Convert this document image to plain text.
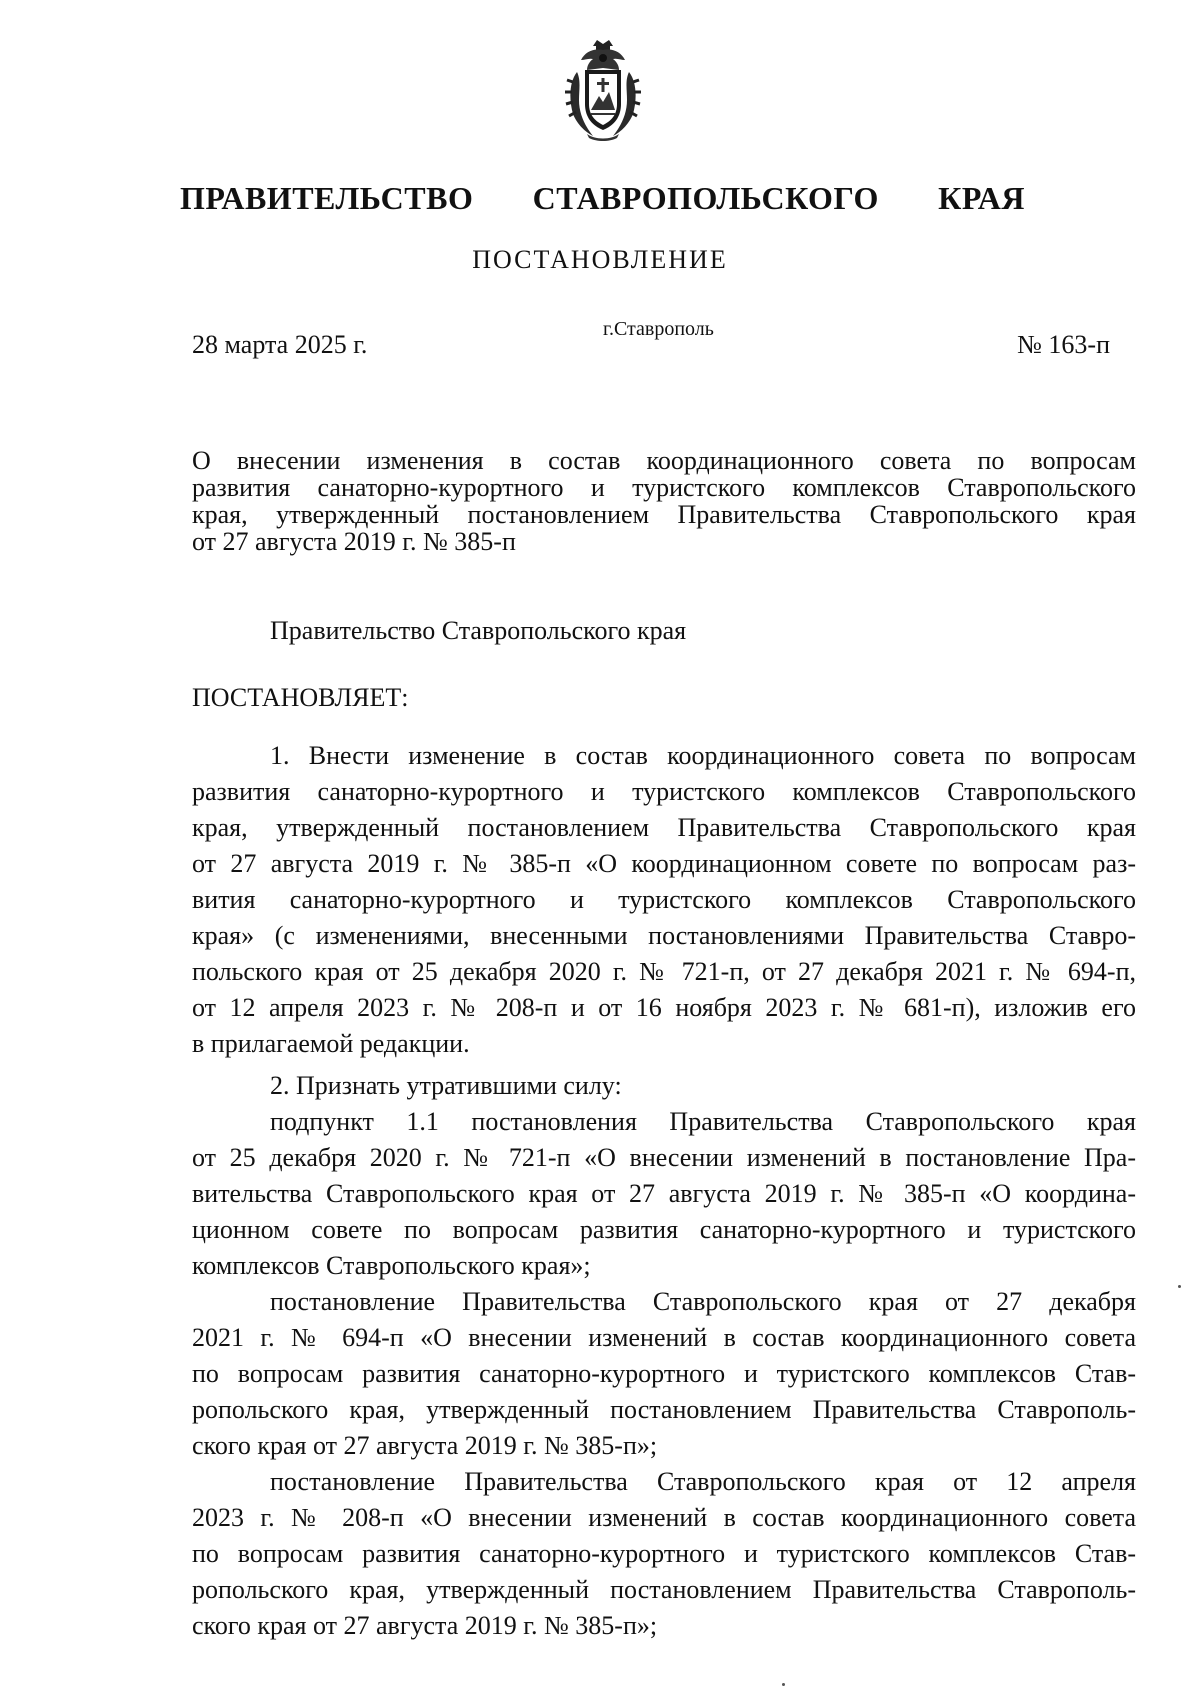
ПРАВИТЕЛЬСТВО СТАВРОПОЛЬСКОГО КРАЯ
ПОСТАНОВЛЕНИЕ
28 марта 2025 г.
г.Ставрополь
№ 163-п
О внесении изменения в состав координационного совета по вопросам
развития санаторно-курортного и туристского комплексов Ставропольского
края, утвержденный постановлением Правительства Ставропольского края
от 27 августа 2019 г. № 385-п
Правительство Ставропольского края
ПОСТАНОВЛЯЕТ:
1. Внести изменение в состав координационного совета по вопросам
развития санаторно-курортного и туристского комплексов Ставропольского
края, утвержденный постановлением Правительства Ставропольского края
от 27 августа 2019 г. № 385-п «О координационном совете по вопросам раз-
вития санаторно-курортного и туристского комплексов Ставропольского
края» (с изменениями, внесенными постановлениями Правительства Ставро-
польского края от 25 декабря 2020 г. № 721-п, от 27 декабря 2021 г. № 694-п,
от 12 апреля 2023 г. № 208-п и от 16 ноября 2023 г. № 681-п), изложив его
в прилагаемой редакции.
2. Признать утратившими силу:
подпункт 1.1 постановления Правительства Ставропольского края
от 25 декабря 2020 г. № 721-п «О внесении изменений в постановление Пра-
вительства Ставропольского края от 27 августа 2019 г. № 385-п «О координа-
ционном совете по вопросам развития санаторно-курортного и туристского
комплексов Ставропольского края»;
постановление Правительства Ставропольского края от 27 декабря
2021 г. № 694-п «О внесении изменений в состав координационного совета
по вопросам развития санаторно-курортного и туристского комплексов Став-
ропольского края, утвержденный постановлением Правительства Ставрополь-
ского края от 27 августа 2019 г. № 385-п»;
постановление Правительства Ставропольского края от 12 апреля
2023 г. № 208-п «О внесении изменений в состав координационного совета
по вопросам развития санаторно-курортного и туристского комплексов Став-
ропольского края, утвержденный постановлением Правительства Ставрополь-
ского края от 27 августа 2019 г. № 385-п»;
